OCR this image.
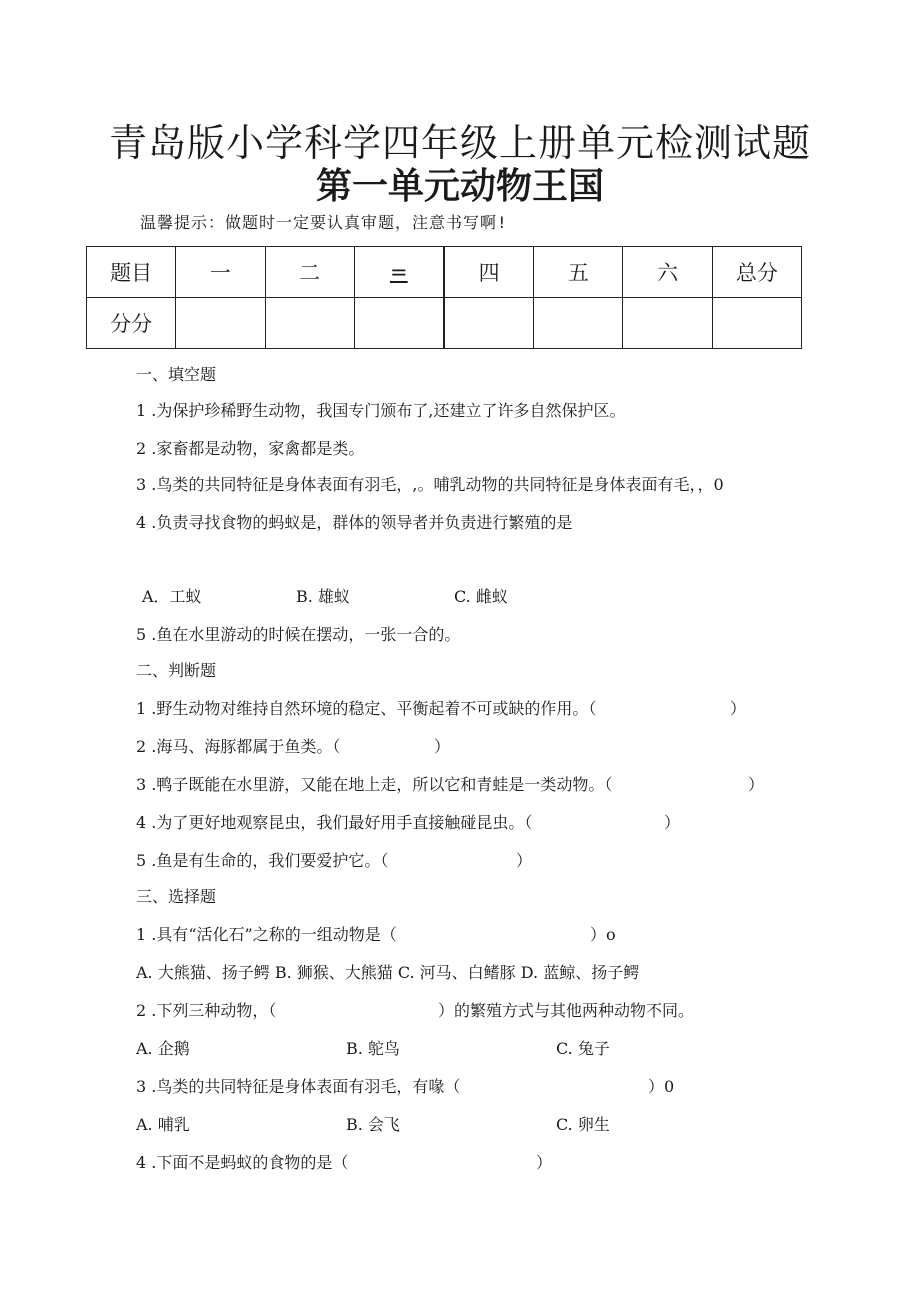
青岛版小学科学四年级上册单元检测试题
第一单元动物王国
温馨提示：做题时一定要认真审题，注意书写啊!
题目	一	二	=	四	五	六	总分
分分							
一、填空题
1 .为保护珍稀野生动物，我国专门颁布了,还建立了许多自然保护区。
2 .家畜都是动物，家禽都是类。
3 .鸟类的共同特征是身体表面有羽毛，,。哺乳动物的共同特征是身体表面有毛，，0
4 .负责寻找食物的蚂蚁是，群体的领导者并负责进行繁殖的是
A．工蚁	B. 雄蚁	C. 雌蚁
5 .鱼在水里游动的时候在摆动，一张一合的。
二、判断题
1 .野生动物对维持自然环境的稳定、平衡起着不可或缺的作用。（	）
2 .海马、海豚都属于鱼类。（	）
3 .鸭子既能在水里游，又能在地上走，所以它和青蛙是一类动物。（	）
4 .为了更好地观察昆虫，我们最好用手直接触碰昆虫。（	）
5 .鱼是有生命的，我们要爱护它。（	）
三、选择题
1 .具有“活化石”之称的一组动物是（	）o
A. 大熊猫、扬子鳄 B. 狮猴、大熊猫 C. 河马、白鳍豚 D. 蓝鲸、扬子鳄
2 .下列三种动物，（	）的繁殖方式与其他两种动物不同。
A. 企鹅	B. 鸵鸟	C. 兔子
3 .鸟类的共同特征是身体表面有羽毛，有喙（	）0
A. 哺乳	B. 会飞	C. 卵生
4 .下面不是蚂蚁的食物的是（	）
